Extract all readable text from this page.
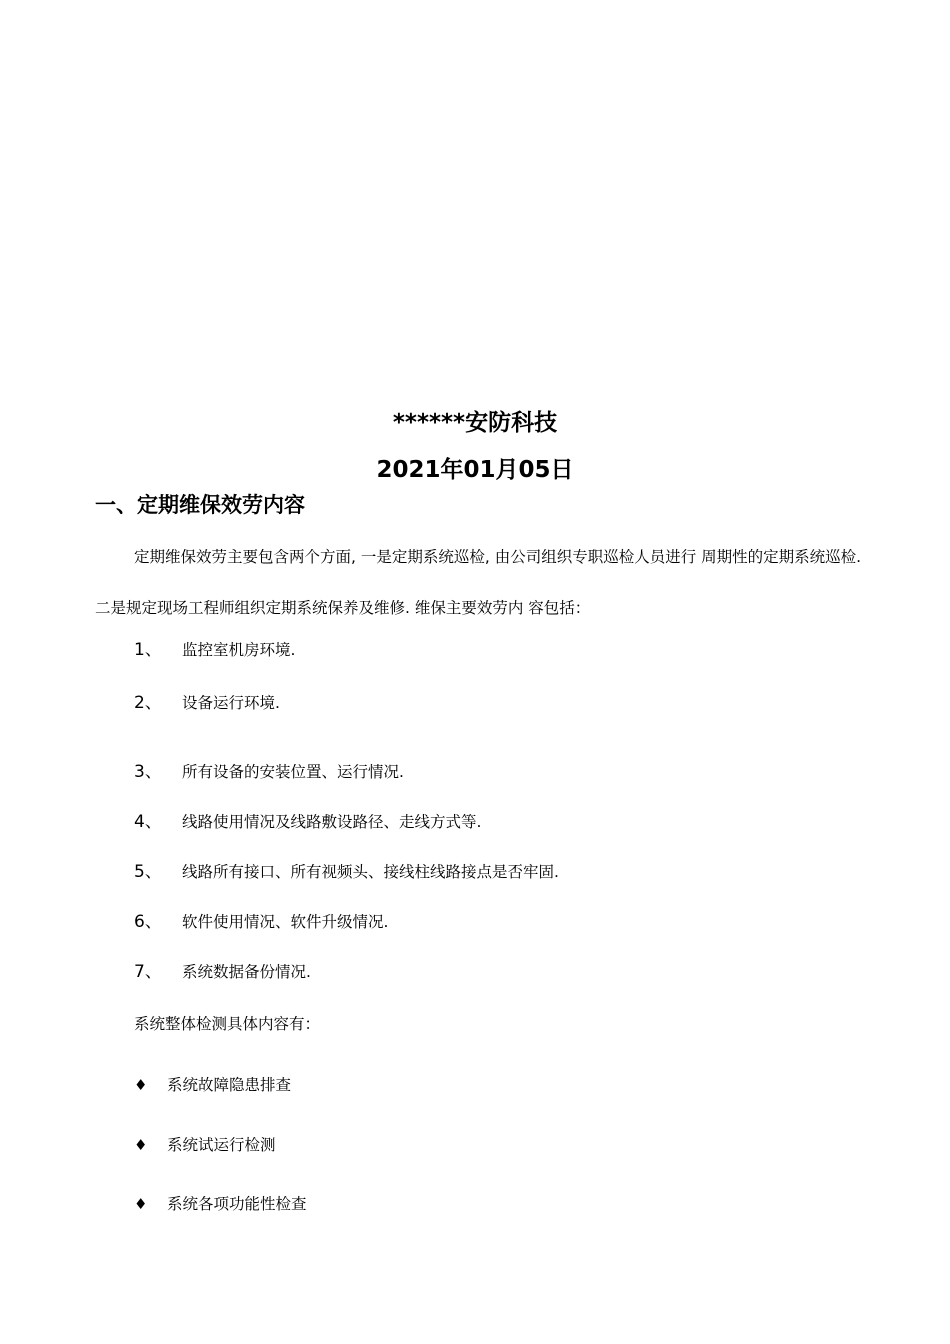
******安防科技
2021年01月05日
一、定期维保效劳内容
定期维保效劳主要包含两个方面, 一是定期系统巡检, 由公司组织专职巡检人员进行 周期性的定期系统巡检. 二是规定现场工程师组织定期系统保养及维修. 维保主要效劳内 容包括：
1、 监控室机房环境.
2、 设备运行环境.
3、 所有设备的安装位置、运行情况.
4、 线路使用情况及线路敷设路径、走线方式等.
5、 线路所有接口、所有视频头、接线柱线路接点是否牢固.
6、 软件使用情况、软件升级情况.
7、 系统数据备份情况.
系统整体检测具体内容有：
♦ 系统故障隐患排查
♦ 系统试运行检测
♦ 系统各项功能性检查
